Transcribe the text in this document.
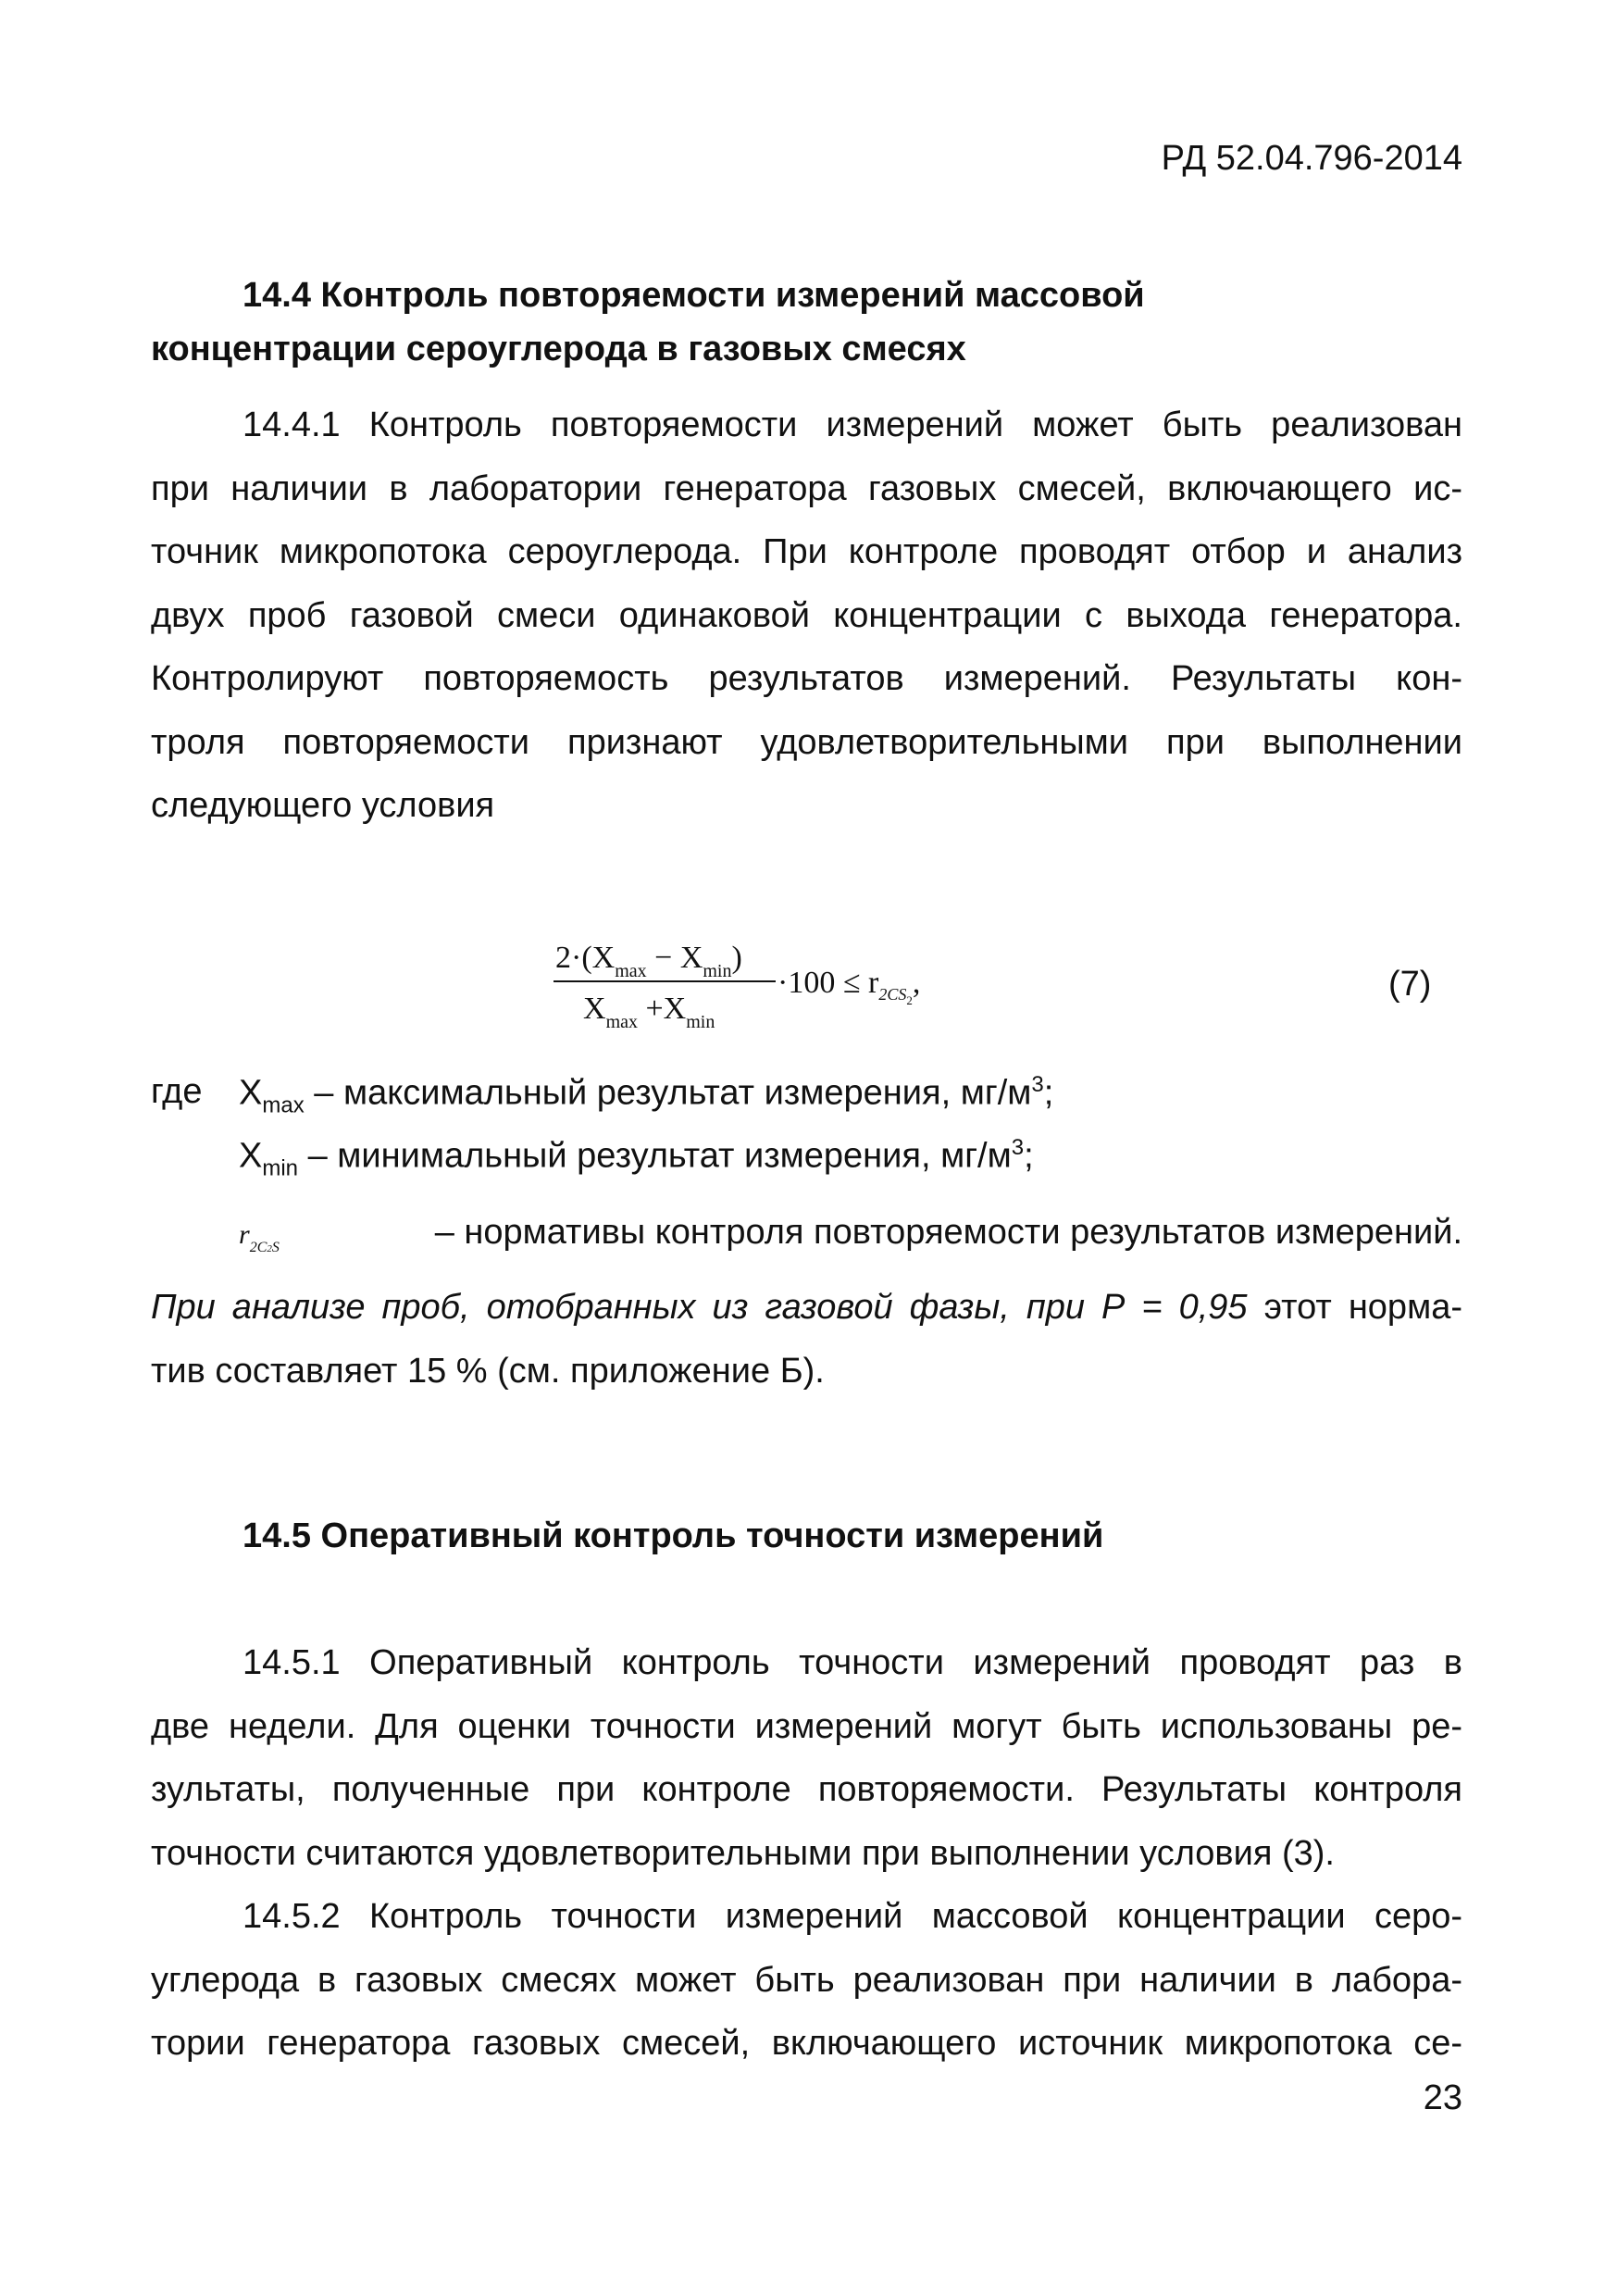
РД 52.04.796-2014
14.4 Контроль повторяемости измерений массовой
концентрации сероуглерода в газовых смесях
14.4.1 Контроль повторяемости измерений может быть реализован
при наличии в лаборатории генератора газовых смесей, включающего ис-
точник микропотока сероуглерода. При контроле проводят отбор и анализ
двух проб газовой смеси одинаковой концентрации с выхода генератора.
Контролируют повторяемость результатов измерений. Результаты кон-
троля повторяемости признают удовлетворительными при выполнении
следующего условия
$2\cdot(X_{max} - X_{min})$
$X_{max} +X_{min}$
$\cdot 100 \le r_{2CS}2$,	(7)
где $X_{max}$ – максимальный результат измерения, $мг/м^3$;
$X_{min}$ – минимальный результат измерения, $мг/м^3$;
$r_{2C2S}$	– нормативы контроля повторяемости результатов измерений.
При анализе проб, отобранных из газовой фазы, при Р = 0,95 этот норма-
тив составляет 15 % (см. приложение Б).
14.5 Оперативный контроль точности измерений
14.5.1 Оперативный контроль точности измерений проводят раз в
две недели. Для оценки точности измерений могут быть использованы ре-
зультаты, полученные при контроле повторяемости. Результаты контроля
точности считаются удовлетворительными при выполнении условия (3).
14.5.2 Контроль точности измерений массовой концентрации серо-
углерода в газовых смесях может быть реализован при наличии в лабора-
тории генератора газовых смесей, включающего источник микропотока се-
23
